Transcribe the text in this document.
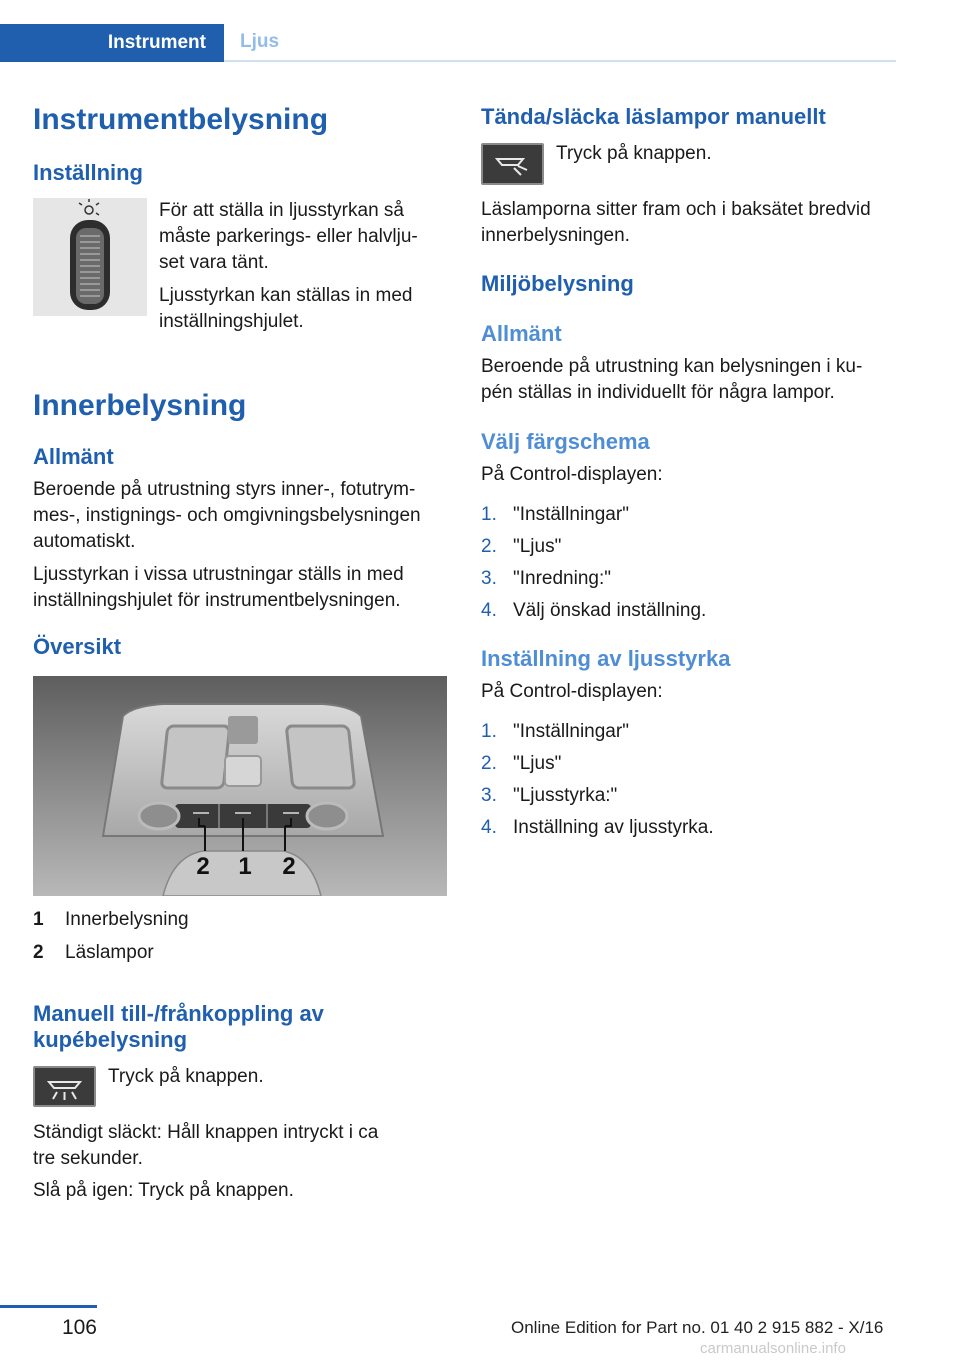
Instrument	Ljus
Instrumentbelysning
Inställning
För att ställa in ljusstyrkan så
måste parkerings- eller halvlju-
set vara tänt.
Ljusstyrkan kan ställas in med
inställningshjulet.
Innerbelysning
Allmänt
Beroende på utrustning styrs inner-, fotutrym-
mes-, instignings- och omgivningsbelysningen
automatiskt.
Ljusstyrkan i vissa utrustningar ställs in med
inställningshjulet för instrumentbelysningen.
Översikt
2 1 2
1 Innerbelysning
2 Läslampor
Manuell till-/frånkoppling av
kupébelysning
Tryck på knappen.
Ständigt släckt: Håll knappen intryckt i ca
tre sekunder.
Slå på igen: Tryck på knappen.
Tända/släcka läslampor manuellt
Tryck på knappen.
Läslamporna sitter fram och i baksätet bredvid
innerbelysningen.
Miljöbelysning
Allmänt
Beroende på utrustning kan belysningen i ku-
pén ställas in individuellt för några lampor.
Välj färgschema
På Control-displayen:
1. "Inställningar"
2. "Ljus"
3. "Inredning:"
4. Välj önskad inställning.
Inställning av ljusstyrka
På Control-displayen:
1. "Inställningar"
2. "Ljus"
3. "Ljusstyrka:"
4. Inställning av ljusstyrka.
106	Online Edition for Part no. 01 40 2 915 882 - X/16
carmanualsonline.info
